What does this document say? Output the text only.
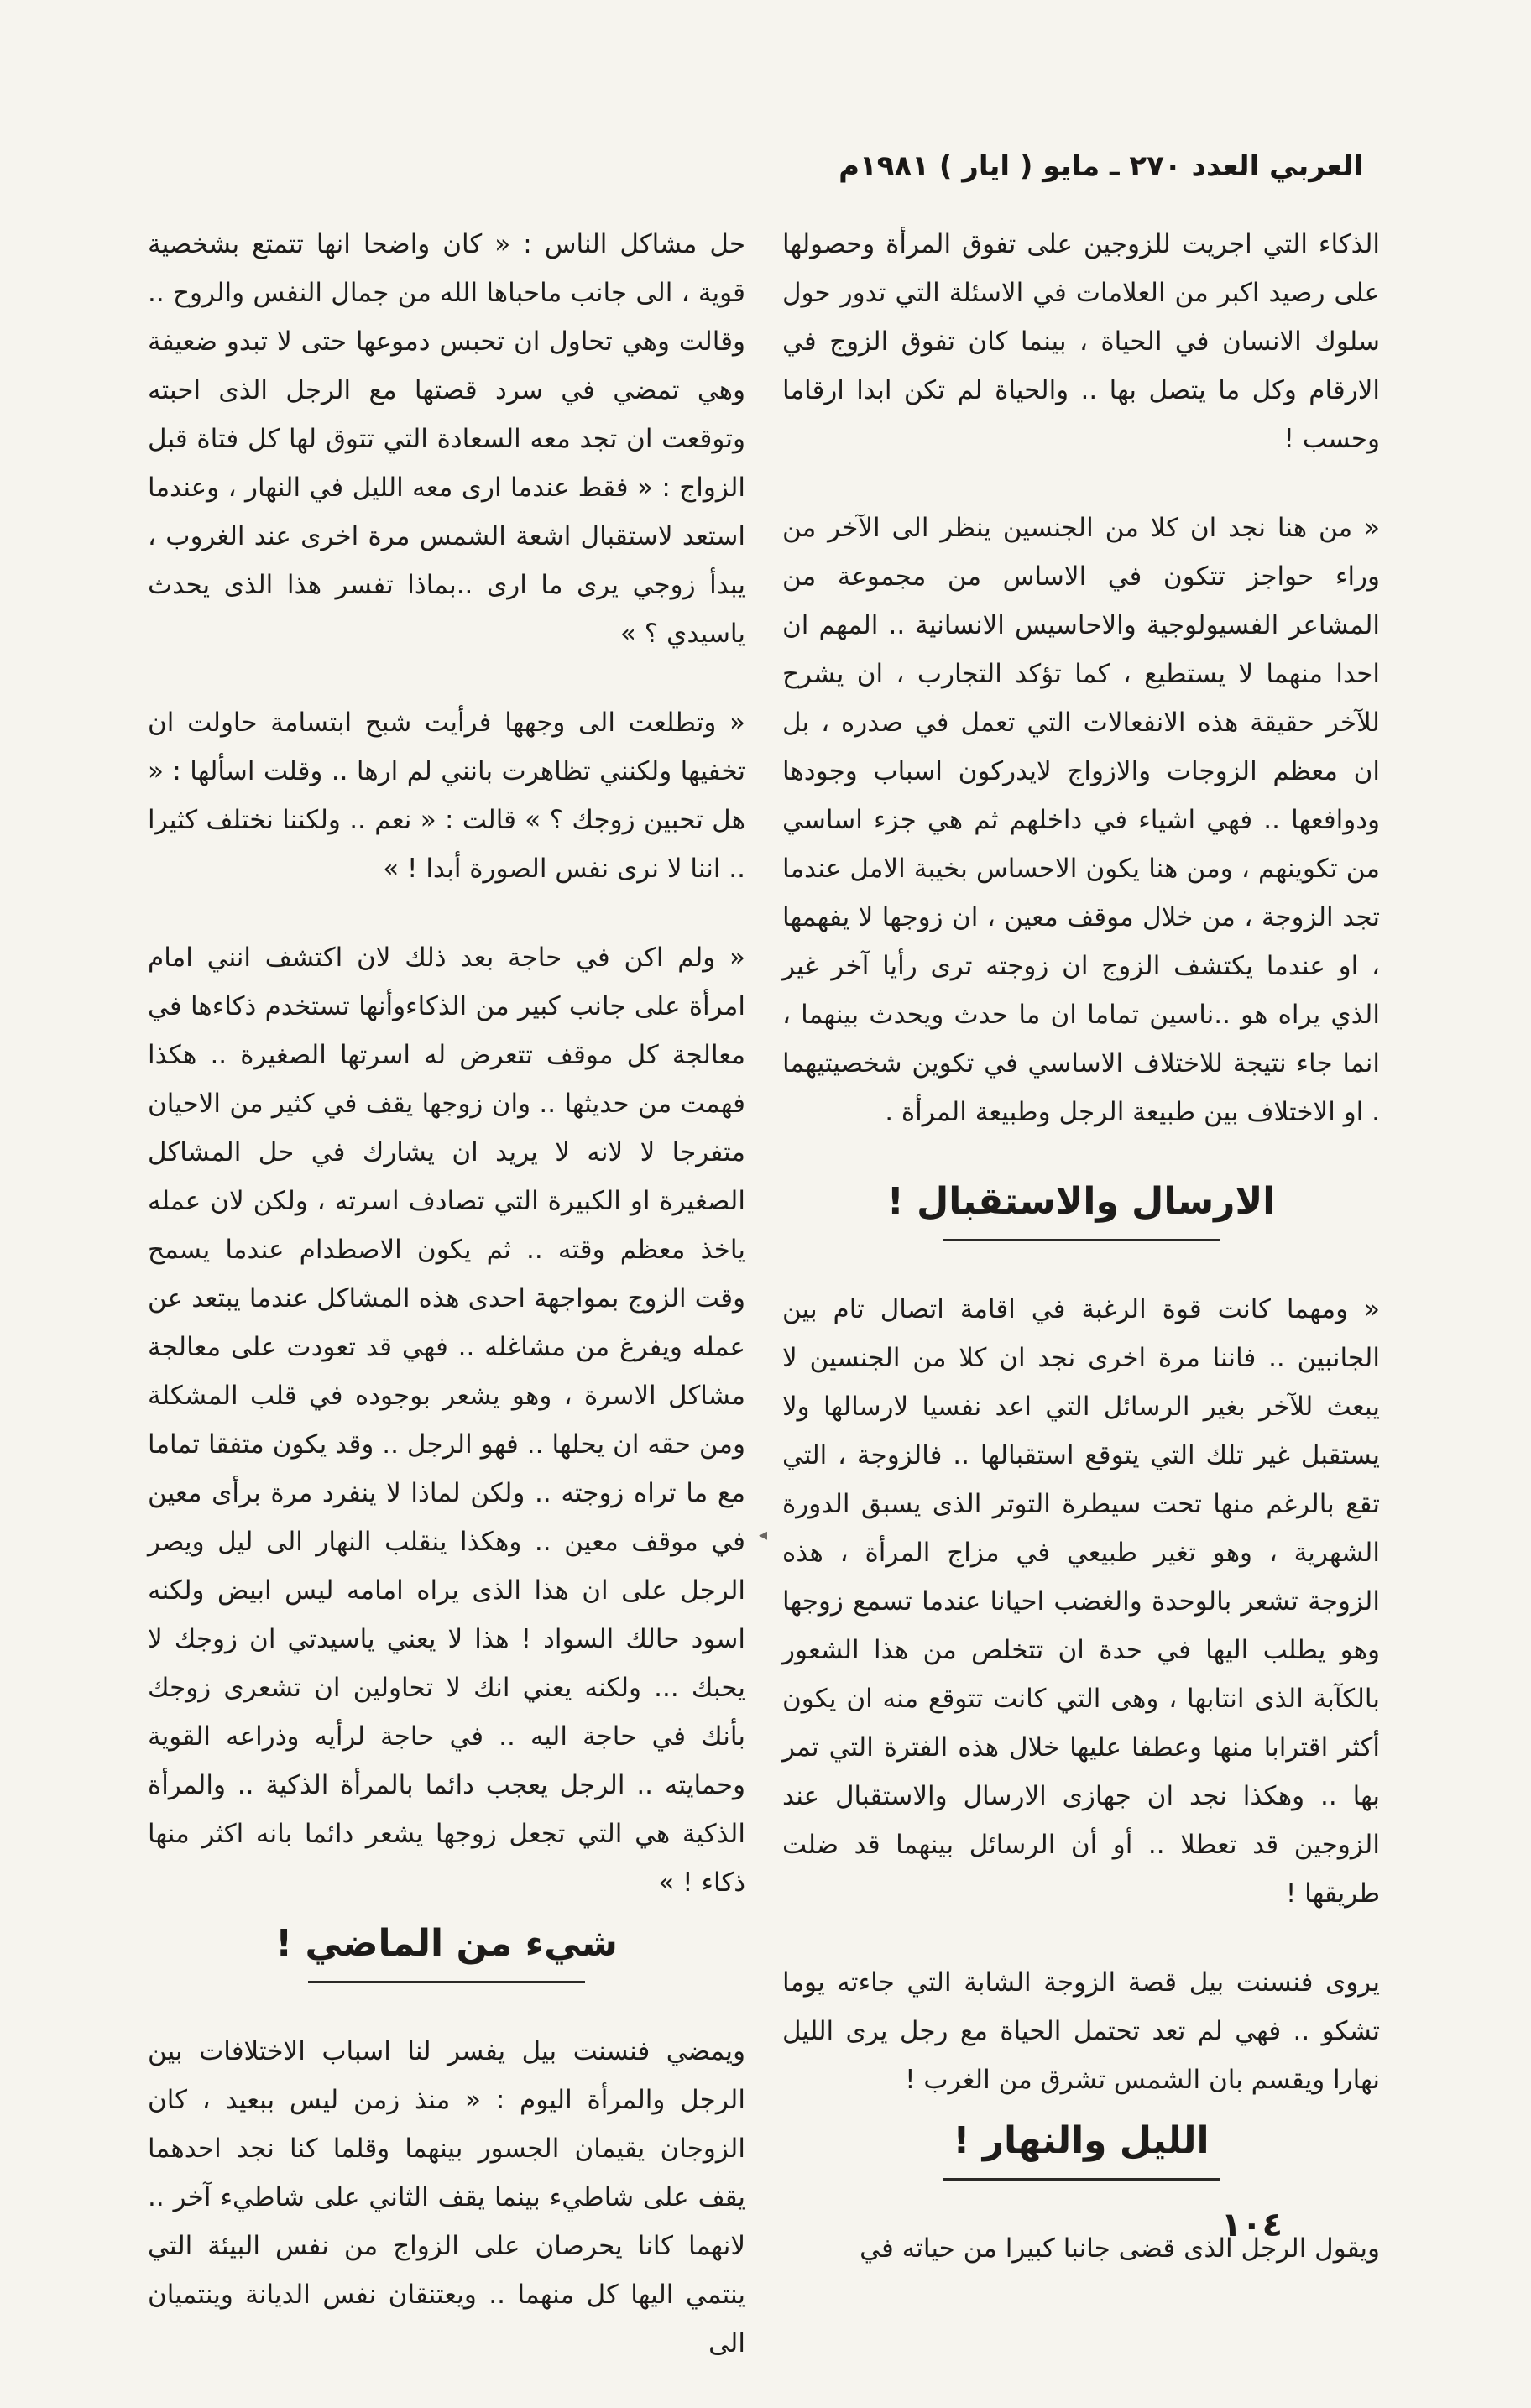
العربي العدد ٢٧٠ ـ مايو ( ايار ) ١٩٨١م

الذكاء التي اجريت للزوجين على تفوق المرأة وحصولها على رصيد اكبر من العلامات في الاسئلة التي تدور حول سلوك الانسان في الحياة ، بينما كان تفوق الزوج في الارقام وكل ما يتصل بها .. والحياة لم تكن ابدا ارقاما وحسب !

« من هنا نجد ان كلا من الجنسين ينظر الى الآخر من وراء حواجز تتكون في الاساس من مجموعة من المشاعر الفسيولوجية والاحاسيس الانسانية .. المهم ان احدا منهما لا يستطيع ، كما تؤكد التجارب ، ان يشرح للآخر حقيقة هذه الانفعالات التي تعمل في صدره ، بل ان معظم الزوجات والازواج لايدركون اسباب وجودها ودوافعها .. فهي اشياء في داخلهم ثم هي جزء اساسي من تكوينهم ، ومن هنا يكون الاحساس بخيبة الامل عندما تجد الزوجة ، من خلال موقف معين ، ان زوجها لا يفهمها ، او عندما يكتشف الزوج ان زوجته ترى رأيا آخر غير الذي يراه هو ..ناسين تماما ان ما حدث ويحدث بينهما ، انما جاء نتيجة للاختلاف الاساسي في تكوين شخصيتيهما . او الاختلاف بين طبيعة الرجل وطبيعة المرأة .

الارسال والاستقبال !

« ومهما كانت قوة الرغبة في اقامة اتصال تام بين الجانبين .. فاننا مرة اخرى نجد ان كلا من الجنسين لا يبعث للآخر بغير الرسائل التي اعد نفسيا لارسالها ولا يستقبل غير تلك التي يتوقع استقبالها .. فالزوجة ، التي تقع بالرغم منها تحت سيطرة التوتر الذى يسبق الدورة الشهرية ، وهو تغير طبيعي في مزاج المرأة ، هذه الزوجة تشعر بالوحدة والغضب احيانا عندما تسمع زوجها وهو يطلب اليها في حدة ان تتخلص من هذا الشعور بالكآبة الذى انتابها ، وهى التي كانت تتوقع منه ان يكون أكثر اقترابا منها وعطفا عليها خلال هذه الفترة التي تمر بها .. وهكذا نجد ان جهازى الارسال والاستقبال عند الزوجين قد تعطلا .. أو أن الرسائل بينهما قد ضلت طريقها !

يروى فنسنت بيل قصة الزوجة الشابة التي جاءته يوما تشكو .. فهي لم تعد تحتمل الحياة مع رجل يرى الليل نهارا ويقسم بان الشمس تشرق من الغرب !

الليل والنهار !

ويقول الرجل الذى قضى جانبا كبيرا من حياته في

حل مشاكل الناس : « كان واضحا انها تتمتع بشخصية قوية ، الى جانب ماحباها الله من جمال النفس والروح .. وقالت وهي تحاول ان تحبس دموعها حتى لا تبدو ضعيفة وهي تمضي في سرد قصتها مع الرجل الذى احبته وتوقعت ان تجد معه السعادة التي تتوق لها كل فتاة قبل الزواج : « فقط عندما ارى معه الليل في النهار ، وعندما استعد لاستقبال اشعة الشمس مرة اخرى عند الغروب ، يبدأ زوجي يرى ما ارى ..بماذا تفسر هذا الذى يحدث ياسيدي ؟ »

« وتطلعت الى وجهها فرأيت شبح ابتسامة حاولت ان تخفيها ولكنني تظاهرت بانني لم ارها .. وقلت اسألها : « هل تحبين زوجك ؟ » قالت : « نعم .. ولكننا نختلف كثيرا .. اننا لا نرى نفس الصورة أبدا ! »

« ولم اكن في حاجة بعد ذلك لان اكتشف انني امام امرأة على جانب كبير من الذكاءوأنها تستخدم ذكاءها في معالجة كل موقف تتعرض له اسرتها الصغيرة .. هكذا فهمت من حديثها .. وان زوجها يقف في كثير من الاحيان متفرجا لا لانه لا يريد ان يشارك في حل المشاكل الصغيرة او الكبيرة التي تصادف اسرته ، ولكن لان عمله ياخذ معظم وقته .. ثم يكون الاصطدام عندما يسمح وقت الزوج بمواجهة احدى هذه المشاكل عندما يبتعد عن عمله ويفرغ من مشاغله .. فهي قد تعودت على معالجة مشاكل الاسرة ، وهو يشعر بوجوده في قلب المشكلة ومن حقه ان يحلها .. فهو الرجل .. وقد يكون متفقا تماما مع ما تراه زوجته .. ولكن لماذا لا ينفرد مرة برأى معين في موقف معين .. وهكذا ينقلب النهار الى ليل ويصر الرجل على ان هذا الذى يراه امامه ليس ابيض ولكنه اسود حالك السواد ! هذا لا يعني ياسيدتي ان زوجك لا يحبك ... ولكنه يعني انك لا تحاولين ان تشعرى زوجك بأنك في حاجة اليه .. في حاجة لرأيه وذراعه القوية وحمايته .. الرجل يعجب دائما بالمرأة الذكية .. والمرأة الذكية هي التي تجعل زوجها يشعر دائما بانه اكثر منها ذكاء ! »

شيء من الماضي !

ويمضي فنسنت بيل يفسر لنا اسباب الاختلافات بين الرجل والمرأة اليوم : « منذ زمن ليس ببعيد ، كان الزوجان يقيمان الجسور بينهما وقلما كنا نجد احدهما يقف على شاطيء بينما يقف الثاني على شاطيء آخر .. لانهما كانا يحرصان على الزواج من نفس البيئة التي ينتمي اليها كل منهما .. ويعتنقان نفس الديانة وينتميان الى

◂
١٠٤
